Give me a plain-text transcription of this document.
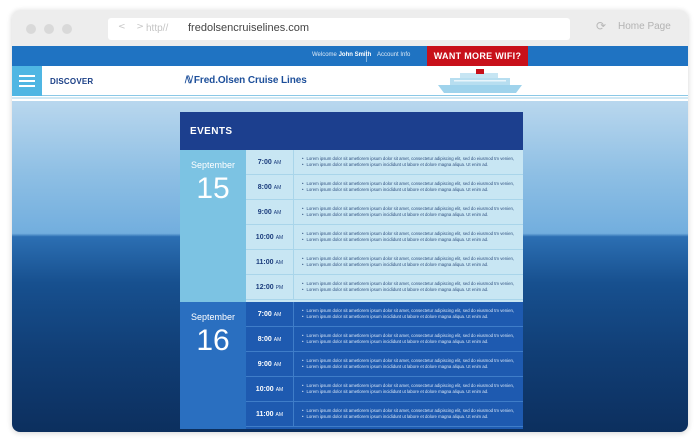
< >
http// fredolsencruiselines.com	⟳ Home Page
Welcome John Smith Account Info	WANT MORE WIFI?
DISCOVER	ℕ Fred.Olsen Cruise Lines
EVENTS
September
15
7:00 AM

• Lorem ipsum dolor sit ametlorem ipsum dolor sit amet, consectetur adipiscing elit, sed do eiusmod tm venien,

• Lorem ipsum dolor sit ametlorem ipsum incididunt ut labore et dolore magna aliqua. Ut enim ad.

8:00 AM

• Lorem ipsum dolor sit ametlorem ipsum dolor sit amet, consectetur adipiscing elit, sed do eiusmod tm venien,

• Lorem ipsum dolor sit ametlorem ipsum incididunt ut labore et dolore magna aliqua. Ut enim ad.

9:00 AM

• Lorem ipsum dolor sit ametlorem ipsum dolor sit amet, consectetur adipiscing elit, sed do eiusmod tm venien,

• Lorem ipsum dolor sit ametlorem ipsum incididunt ut labore et dolore magna aliqua. Ut enim ad.

10:00 AM

• Lorem ipsum dolor sit ametlorem ipsum dolor sit amet, consectetur adipiscing elit, sed do eiusmod tm venien,

• Lorem ipsum dolor sit ametlorem ipsum incididunt ut labore et dolore magna aliqua. Ut enim ad.

11:00 AM

• Lorem ipsum dolor sit ametlorem ipsum dolor sit amet, consectetur adipiscing elit, sed do eiusmod tm venien,

• Lorem ipsum dolor sit ametlorem ipsum incididunt ut labore et dolore magna aliqua. Ut enim ad.

12:00 PM

• Lorem ipsum dolor sit ametlorem ipsum dolor sit amet, consectetur adipiscing elit, sed do eiusmod tm venien,

• Lorem ipsum dolor sit ametlorem ipsum incididunt ut labore et dolore magna aliqua. Ut enim ad.

September
16
7:00 AM

• Lorem ipsum dolor sit ametlorem ipsum dolor sit amet, consectetur adipiscing elit, sed do eiusmod tm venien,

• Lorem ipsum dolor sit ametlorem ipsum incididunt ut labore et dolore magna aliqua. Ut enim ad.

8:00 AM

• Lorem ipsum dolor sit ametlorem ipsum dolor sit amet, consectetur adipiscing elit, sed do eiusmod tm venien,

• Lorem ipsum dolor sit ametlorem ipsum incididunt ut labore et dolore magna aliqua. Ut enim ad.

9:00 AM

• Lorem ipsum dolor sit ametlorem ipsum dolor sit amet, consectetur adipiscing elit, sed do eiusmod tm venien,

• Lorem ipsum dolor sit ametlorem ipsum incididunt ut labore et dolore magna aliqua. Ut enim ad.

10:00 AM

• Lorem ipsum dolor sit ametlorem ipsum dolor sit amet, consectetur adipiscing elit, sed do eiusmod tm venien,

• Lorem ipsum dolor sit ametlorem ipsum incididunt ut labore et dolore magna aliqua. Ut enim ad.

11:00 AM

• Lorem ipsum dolor sit ametlorem ipsum dolor sit amet, consectetur adipiscing elit, sed do eiusmod tm venien,

• Lorem ipsum dolor sit ametlorem ipsum incididunt ut labore et dolore magna aliqua. Ut enim ad.
